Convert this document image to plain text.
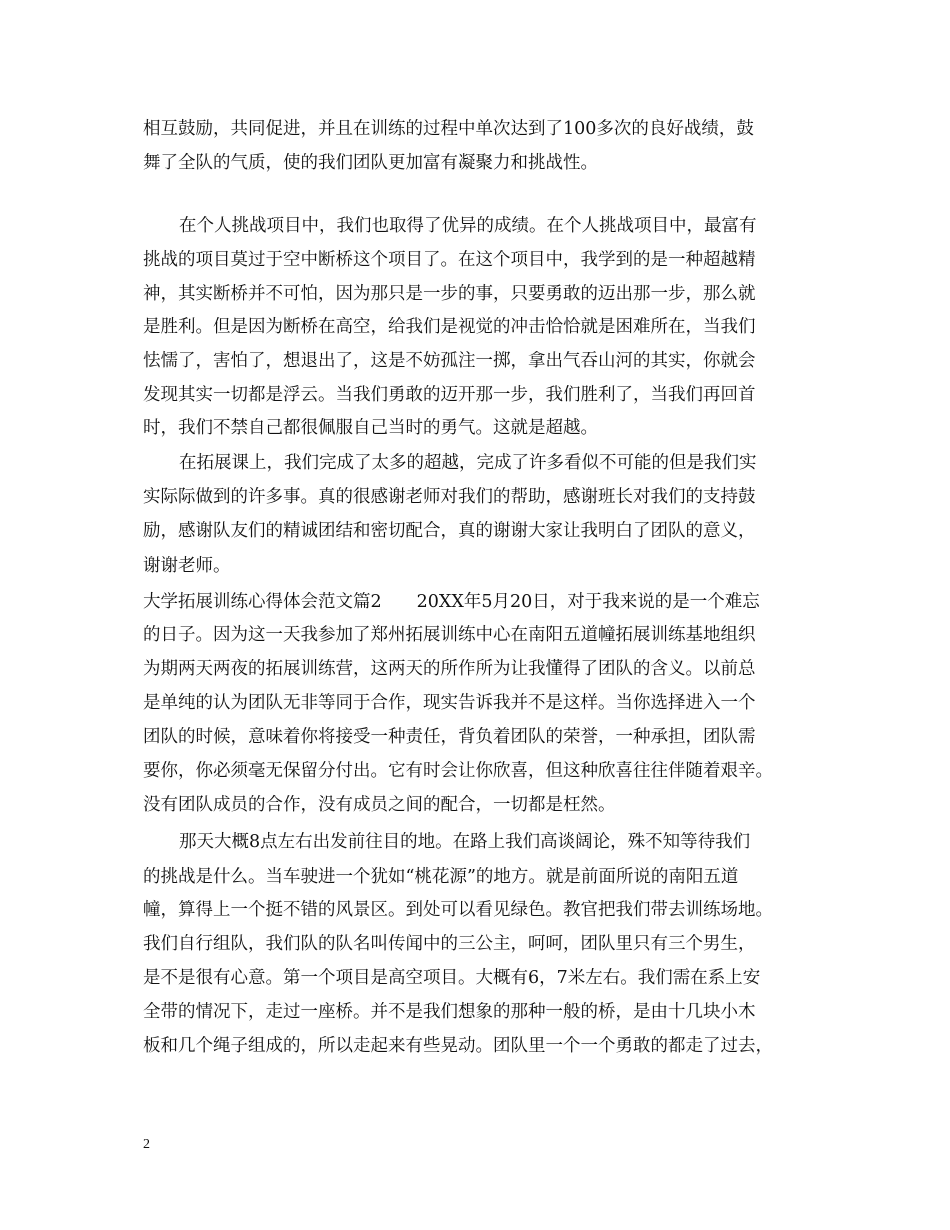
相互鼓励，共同促进，并且在训练的过程中单次达到了100多次的良好战绩，鼓
舞了全队的气质，使的我们团队更加富有凝聚力和挑战性。
在个人挑战项目中，我们也取得了优异的成绩。在个人挑战项目中，最富有
挑战的项目莫过于空中断桥这个项目了。在这个项目中，我学到的是一种超越精
神，其实断桥并不可怕，因为那只是一步的事，只要勇敢的迈出那一步，那么就
是胜利。但是因为断桥在高空，给我们是视觉的冲击恰恰就是困难所在，当我们
怯懦了，害怕了，想退出了，这是不妨孤注一掷，拿出气吞山河的其实，你就会
发现其实一切都是浮云。当我们勇敢的迈开那一步，我们胜利了，当我们再回首
时，我们不禁自己都很佩服自己当时的勇气。这就是超越。
在拓展课上，我们完成了太多的超越，完成了许多看似不可能的但是我们实
实际际做到的许多事。真的很感谢老师对我们的帮助，感谢班长对我们的支持鼓
励，感谢队友们的精诚团结和密切配合，真的谢谢大家让我明白了团队的意义，
谢谢老师。
大学拓展训练心得体会范文篇2　　20XX年5月20日，对于我来说的是一个难忘
的日子。因为这一天我参加了郑州拓展训练中心在南阳五道幢拓展训练基地组织
为期两天两夜的拓展训练营，这两天的所作所为让我懂得了团队的含义。以前总
是单纯的认为团队无非等同于合作，现实告诉我并不是这样。当你选择进入一个
团队的时候，意味着你将接受一种责任，背负着团队的荣誉，一种承担，团队需
要你，你必须毫无保留分付出。它有时会让你欣喜，但这种欣喜往往伴随着艰辛。
没有团队成员的合作，没有成员之间的配合，一切都是枉然。
那天大概8点左右出发前往目的地。在路上我们高谈阔论，殊不知等待我们
的挑战是什么。当车驶进一个犹如“桃花源”的地方。就是前面所说的南阳五道
幢，算得上一个挺不错的风景区。到处可以看见绿色。教官把我们带去训练场地。
我们自行组队，我们队的队名叫传闻中的三公主，呵呵，团队里只有三个男生，
是不是很有心意。第一个项目是高空项目。大概有6，7米左右。我们需在系上安
全带的情况下，走过一座桥。并不是我们想象的那种一般的桥，是由十几块小木
板和几个绳子组成的，所以走起来有些晃动。团队里一个一个勇敢的都走了过去，
2
